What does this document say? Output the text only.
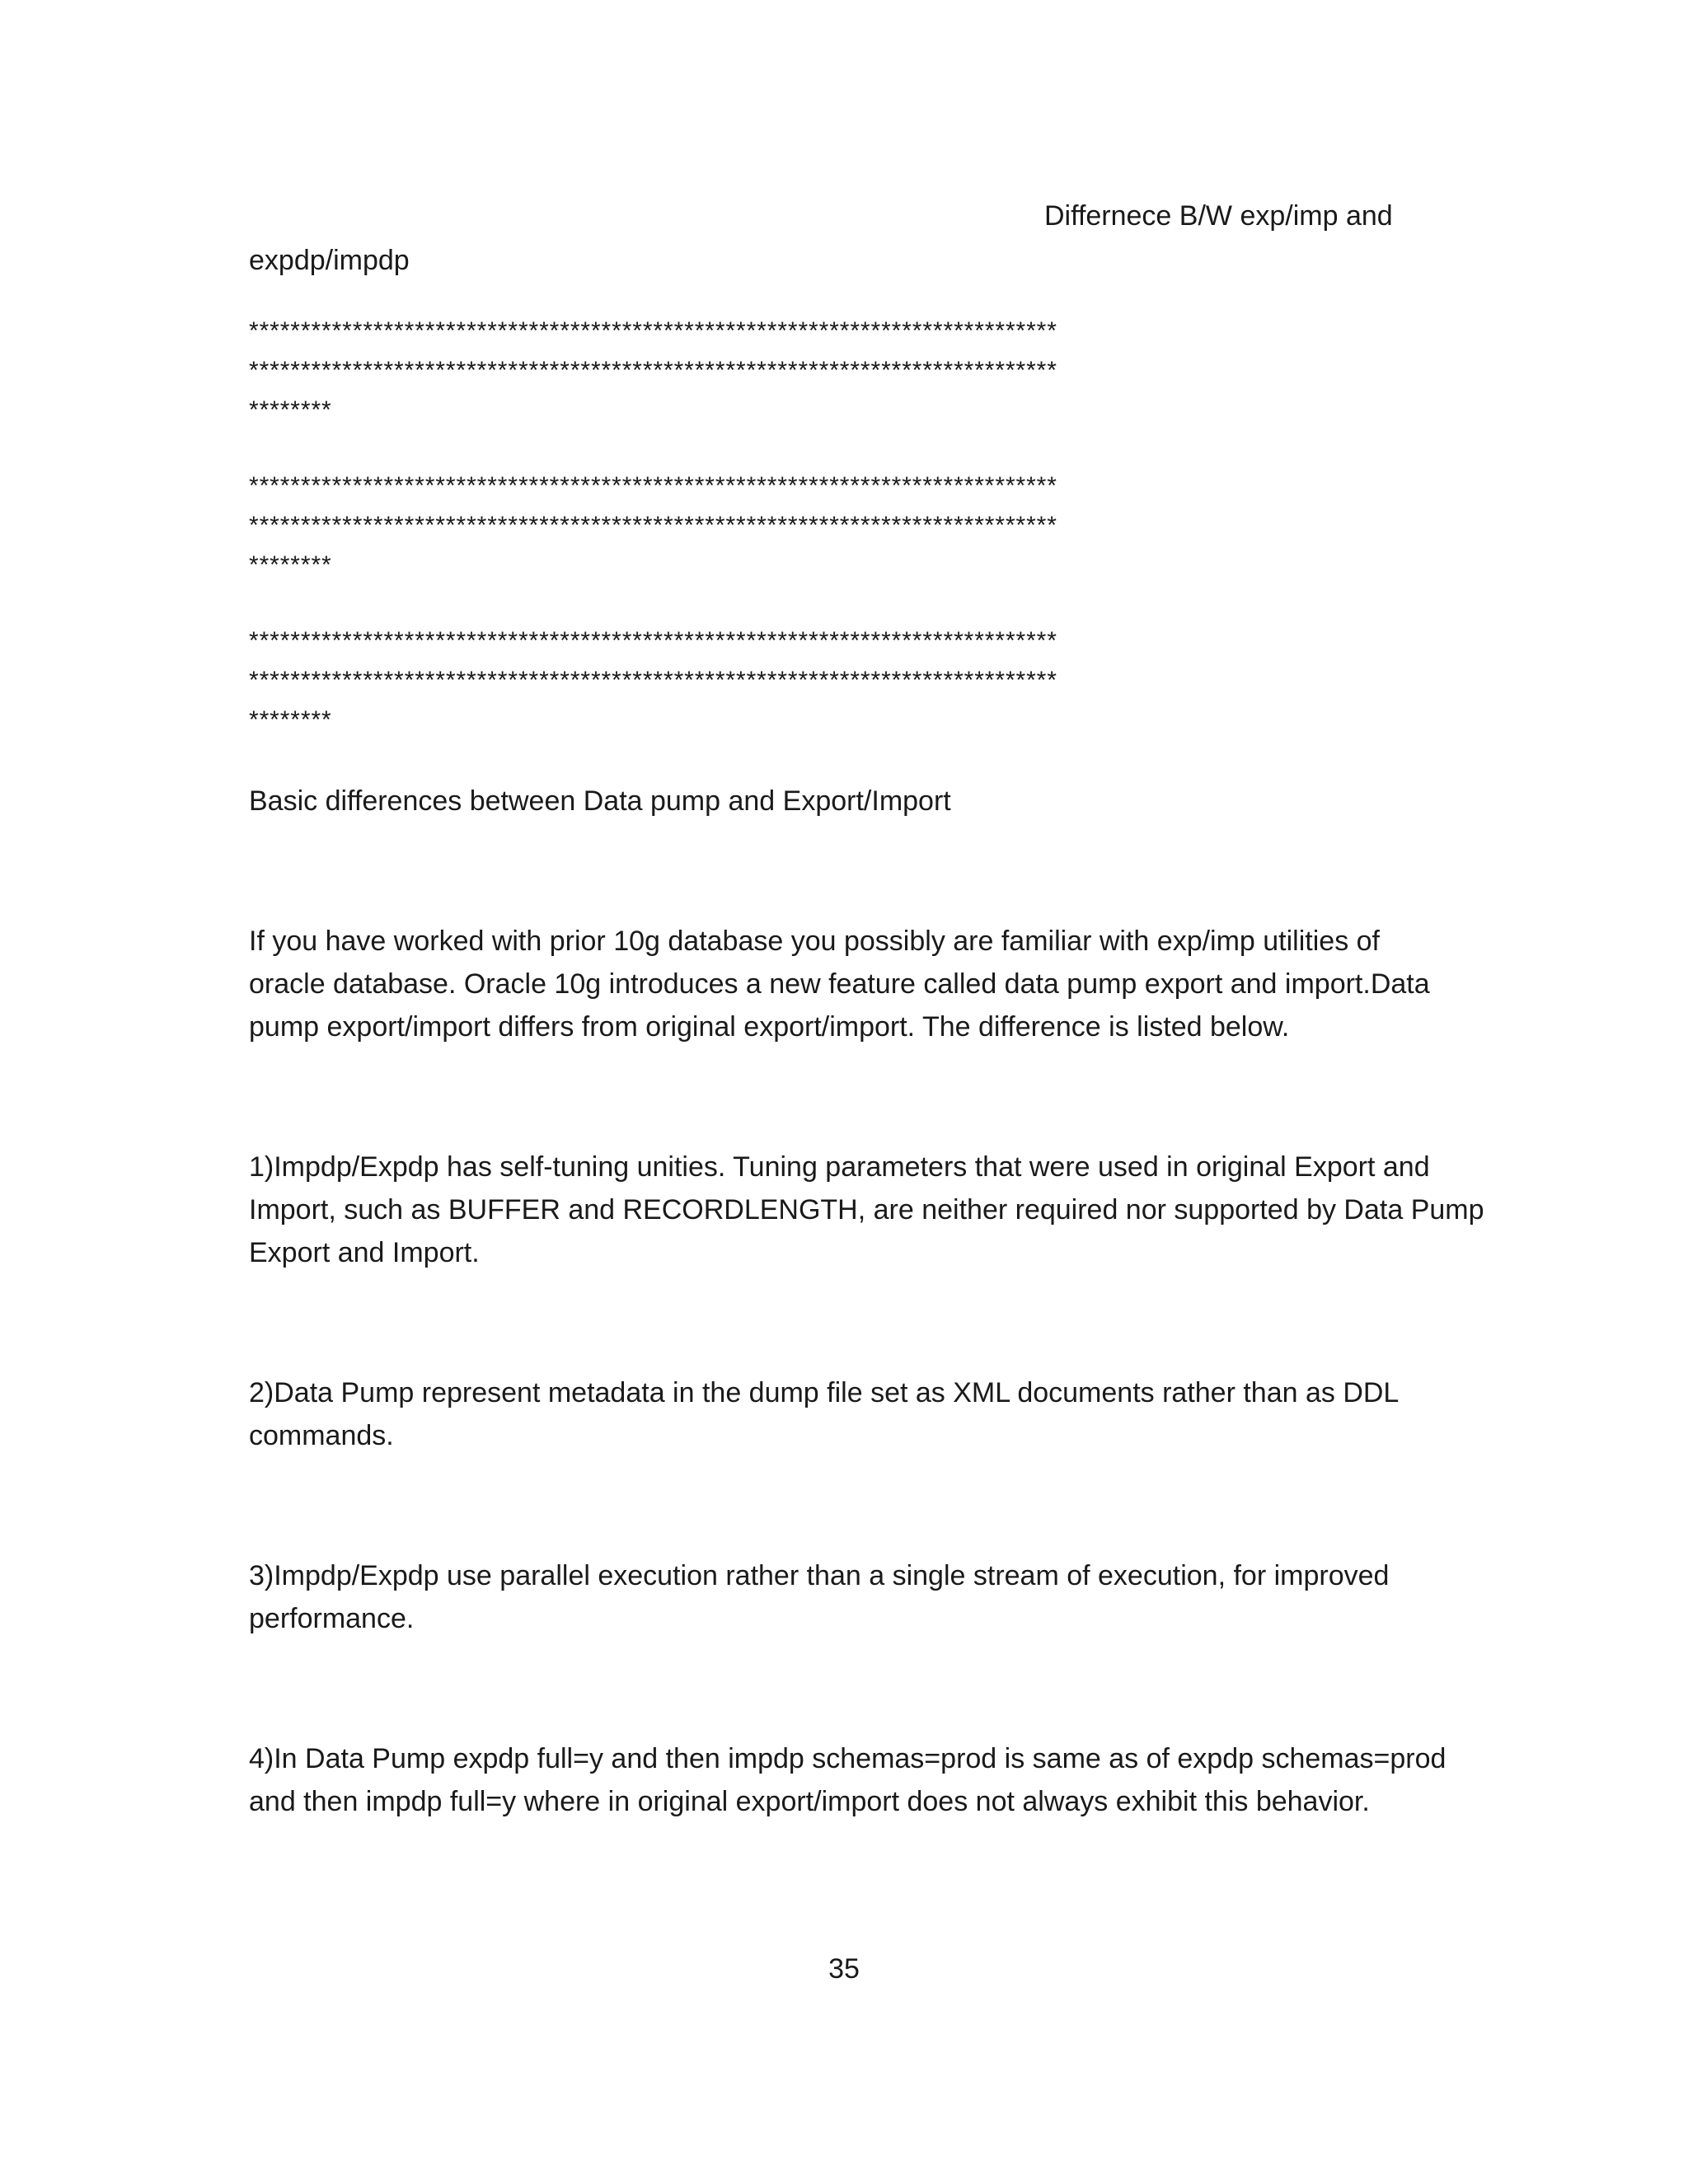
Differnece B/W exp/imp and
expdp/impdp
******************************************************************************
******************************************************************************
********
******************************************************************************
******************************************************************************
********
******************************************************************************
******************************************************************************
********
Basic differences between Data pump and Export/Import
If you have worked with prior 10g database you possibly are familiar with exp/imp utilities of
oracle database. Oracle 10g introduces a new feature called data pump export and import.Data
pump export/import differs from original export/import. The difference is listed below.
1)Impdp/Expdp has self-tuning unities. Tuning parameters that were used in original Export and
Import, such as BUFFER and RECORDLENGTH, are neither required nor supported by Data Pump
Export and Import.
2)Data Pump represent metadata in the dump file set as XML documents rather than as DDL
commands.
3)Impdp/Expdp use parallel execution rather than a single stream of execution, for improved
performance.
4)In Data Pump expdp full=y and then impdp schemas=prod is same as of expdp schemas=prod
and then impdp full=y where in original export/import does not always exhibit this behavior.
35
